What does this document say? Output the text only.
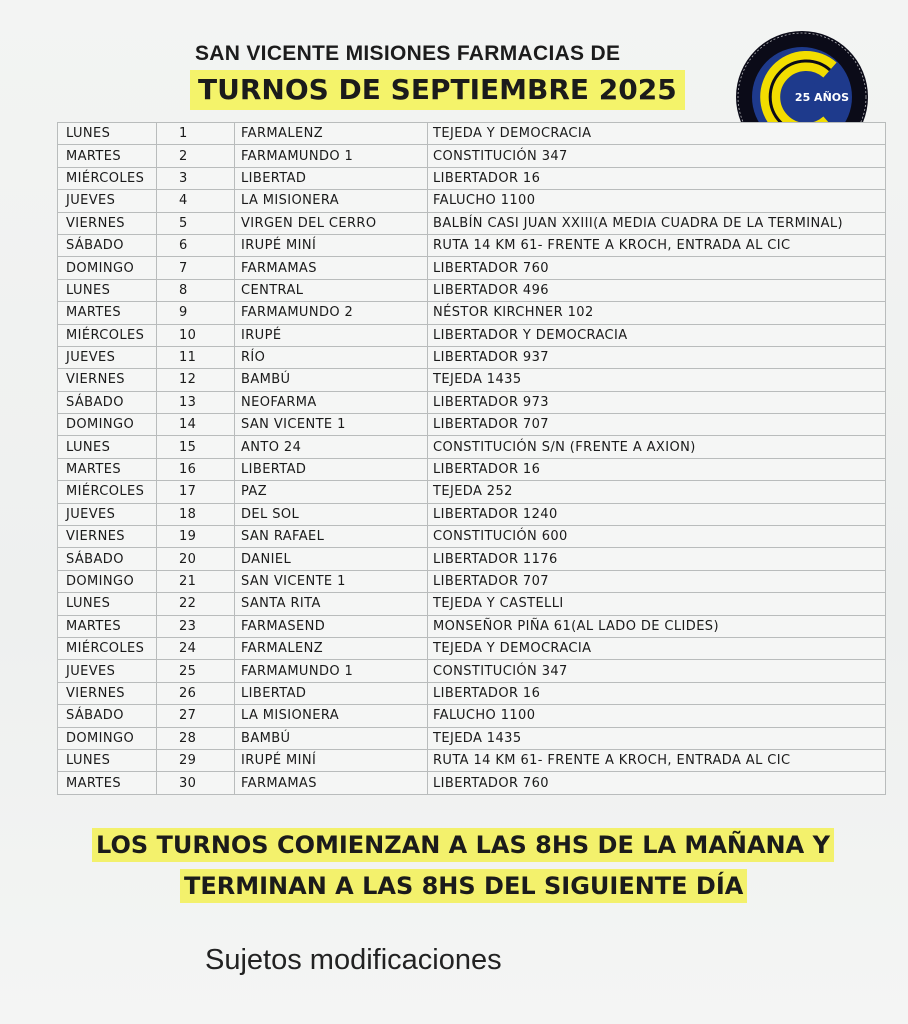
SAN VICENTE MISIONES FARMACIAS DE
TURNOS DE SEPTIEMBRE 2025	25 AÑOS
LUNES	1	FARMALENZ	TEJEDA Y DEMOCRACIA
MARTES	2	FARMAMUNDO 1	CONSTITUCIÓN 347
MIÉRCOLES	3	LIBERTAD	LIBERTADOR 16
JUEVES	4	LA MISIONERA	FALUCHO 1100
VIERNES	5	VIRGEN DEL CERRO	BALBÍN CASI JUAN XXIII(A MEDIA CUADRA DE LA TERMINAL)
SÁBADO	6	IRUPÉ MINÍ	RUTA 14 KM 61- FRENTE A KROCH, ENTRADA AL CIC
DOMINGO	7	FARMAMAS	LIBERTADOR 760
LUNES	8	CENTRAL	LIBERTADOR 496
MARTES	9	FARMAMUNDO 2	NÉSTOR KIRCHNER 102
MIÉRCOLES	10	IRUPÉ	LIBERTADOR Y DEMOCRACIA
JUEVES	11	RÍO	LIBERTADOR 937
VIERNES	12	BAMBÚ	TEJEDA 1435
SÁBADO	13	NEOFARMA	LIBERTADOR 973
DOMINGO	14	SAN VICENTE 1	LIBERTADOR 707
LUNES	15	ANTO 24	CONSTITUCIÓN S/N (FRENTE A AXION)
MARTES	16	LIBERTAD	LIBERTADOR 16
MIÉRCOLES	17	PAZ	TEJEDA 252
JUEVES	18	DEL SOL	LIBERTADOR 1240
VIERNES	19	SAN RAFAEL	CONSTITUCIÓN 600
SÁBADO	20	DANIEL	LIBERTADOR 1176
DOMINGO	21	SAN VICENTE 1	LIBERTADOR 707
LUNES	22	SANTA RITA	TEJEDA Y CASTELLI
MARTES	23	FARMASEND	MONSEÑOR PIÑA 61(AL LADO DE CLIDES)
MIÉRCOLES	24	FARMALENZ	TEJEDA Y DEMOCRACIA
JUEVES	25	FARMAMUNDO 1	CONSTITUCIÓN 347
VIERNES	26	LIBERTAD	LIBERTADOR 16
SÁBADO	27	LA MISIONERA	FALUCHO 1100
DOMINGO	28	BAMBÚ	TEJEDA 1435
LUNES	29	IRUPÉ MINÍ	RUTA 14 KM 61- FRENTE A KROCH, ENTRADA AL CIC
MARTES	30	FARMAMAS	LIBERTADOR 760
LOS TURNOS COMIENZAN A LAS 8HS DE LA MAÑANA Y
TERMINAN A LAS 8HS DEL SIGUIENTE DÍA
Sujetos modificaciones
